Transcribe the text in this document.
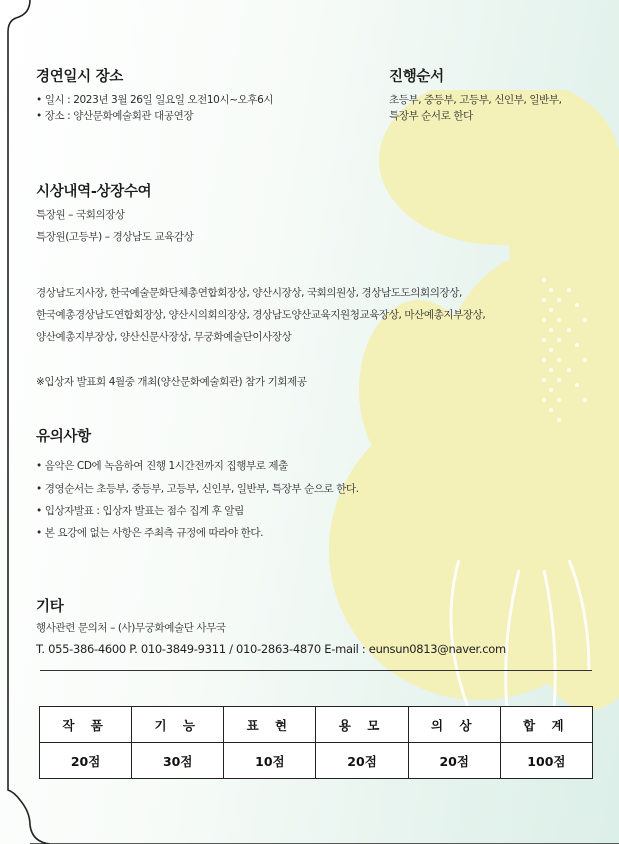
경연일시 장소
• 일시 : 2023년 3월 26일 일요일 오전10시~오후6시
• 장소 : 양산문화예술회관 대공연장
진행순서
초등부, 중등부, 고등부, 신인부, 일반부,
특장부 순서로 한다
시상내역-상장수여
특장원 – 국회의장상
특장원(고등부) – 경상남도 교육감상
경상남도지사장, 한국예술문화단체총연합회장상, 양산시장상, 국회의원상, 경상남도도의회의장상,
한국예총경상남도연합회장상, 양산시의회의장상, 경상남도양산교육지원청교육장상, 마산예총지부장상,
양산예총지부장상, 양산신문사장상, 무궁화예술단이사장상
※입상자 발표회 4월중 개최(양산문화예술회관) 참가 기회제공
유의사항
• 음악은 CD에 녹음하여 진행 1시간전까지 집행부로 제출
• 경영순서는 초등부, 중등부, 고등부, 신인부, 일반부, 특장부 순으로 한다.
• 입상자발표 : 입상자 발표는 점수 집계 후 알림
• 본 요강에 없는 사항은 주최측 규정에 따라야 한다.
기타
행사관련 문의처 – (사)무궁화예술단 사무국
T. 055-386-4600 P. 010-3849-9311 / 010-2863-4870 E-mail : eunsun0813@naver.com
작 품	기 능	표 현	용 모	의 상	합 계
20점	30점	10점	20점	20점	100점
